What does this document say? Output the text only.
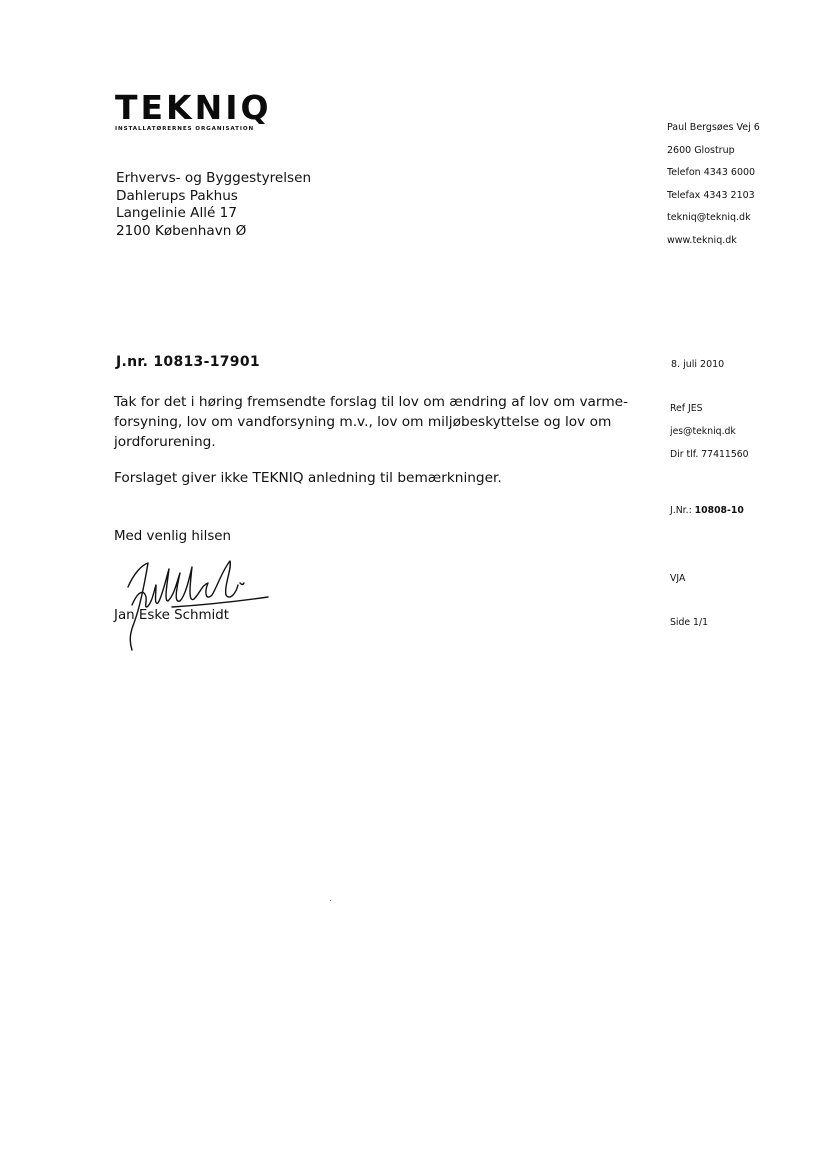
TEKNIQ
INSTALLATØRERNES ORGANISATION	Paul Bergsøes Vej 6
2600 Glostrup
Telefon 4343 6000
Telefax 4343 2103
tekniq@tekniq.dk
www.tekniq.dk
Erhvervs- og Byggestyrelsen
Dahlerups Pakhus
Langelinie Allé 17
2100 København Ø
J.nr. 10813-17901	8. juli 2010
Tak for det i høring fremsendte forslag til lov om ændring af lov om varme-
forsyning, lov om vandforsyning m.v., lov om miljøbeskyttelse og lov om
jordforurening.
Forslaget giver ikke TEKNIQ anledning til bemærkninger.
Ref JES
jes@tekniq.dk
Dir tlf. 77411560
J.Nr.: 10808-10
VJA
Side 1/1
Med venlig hilsen
Jan Eske Schmidt
